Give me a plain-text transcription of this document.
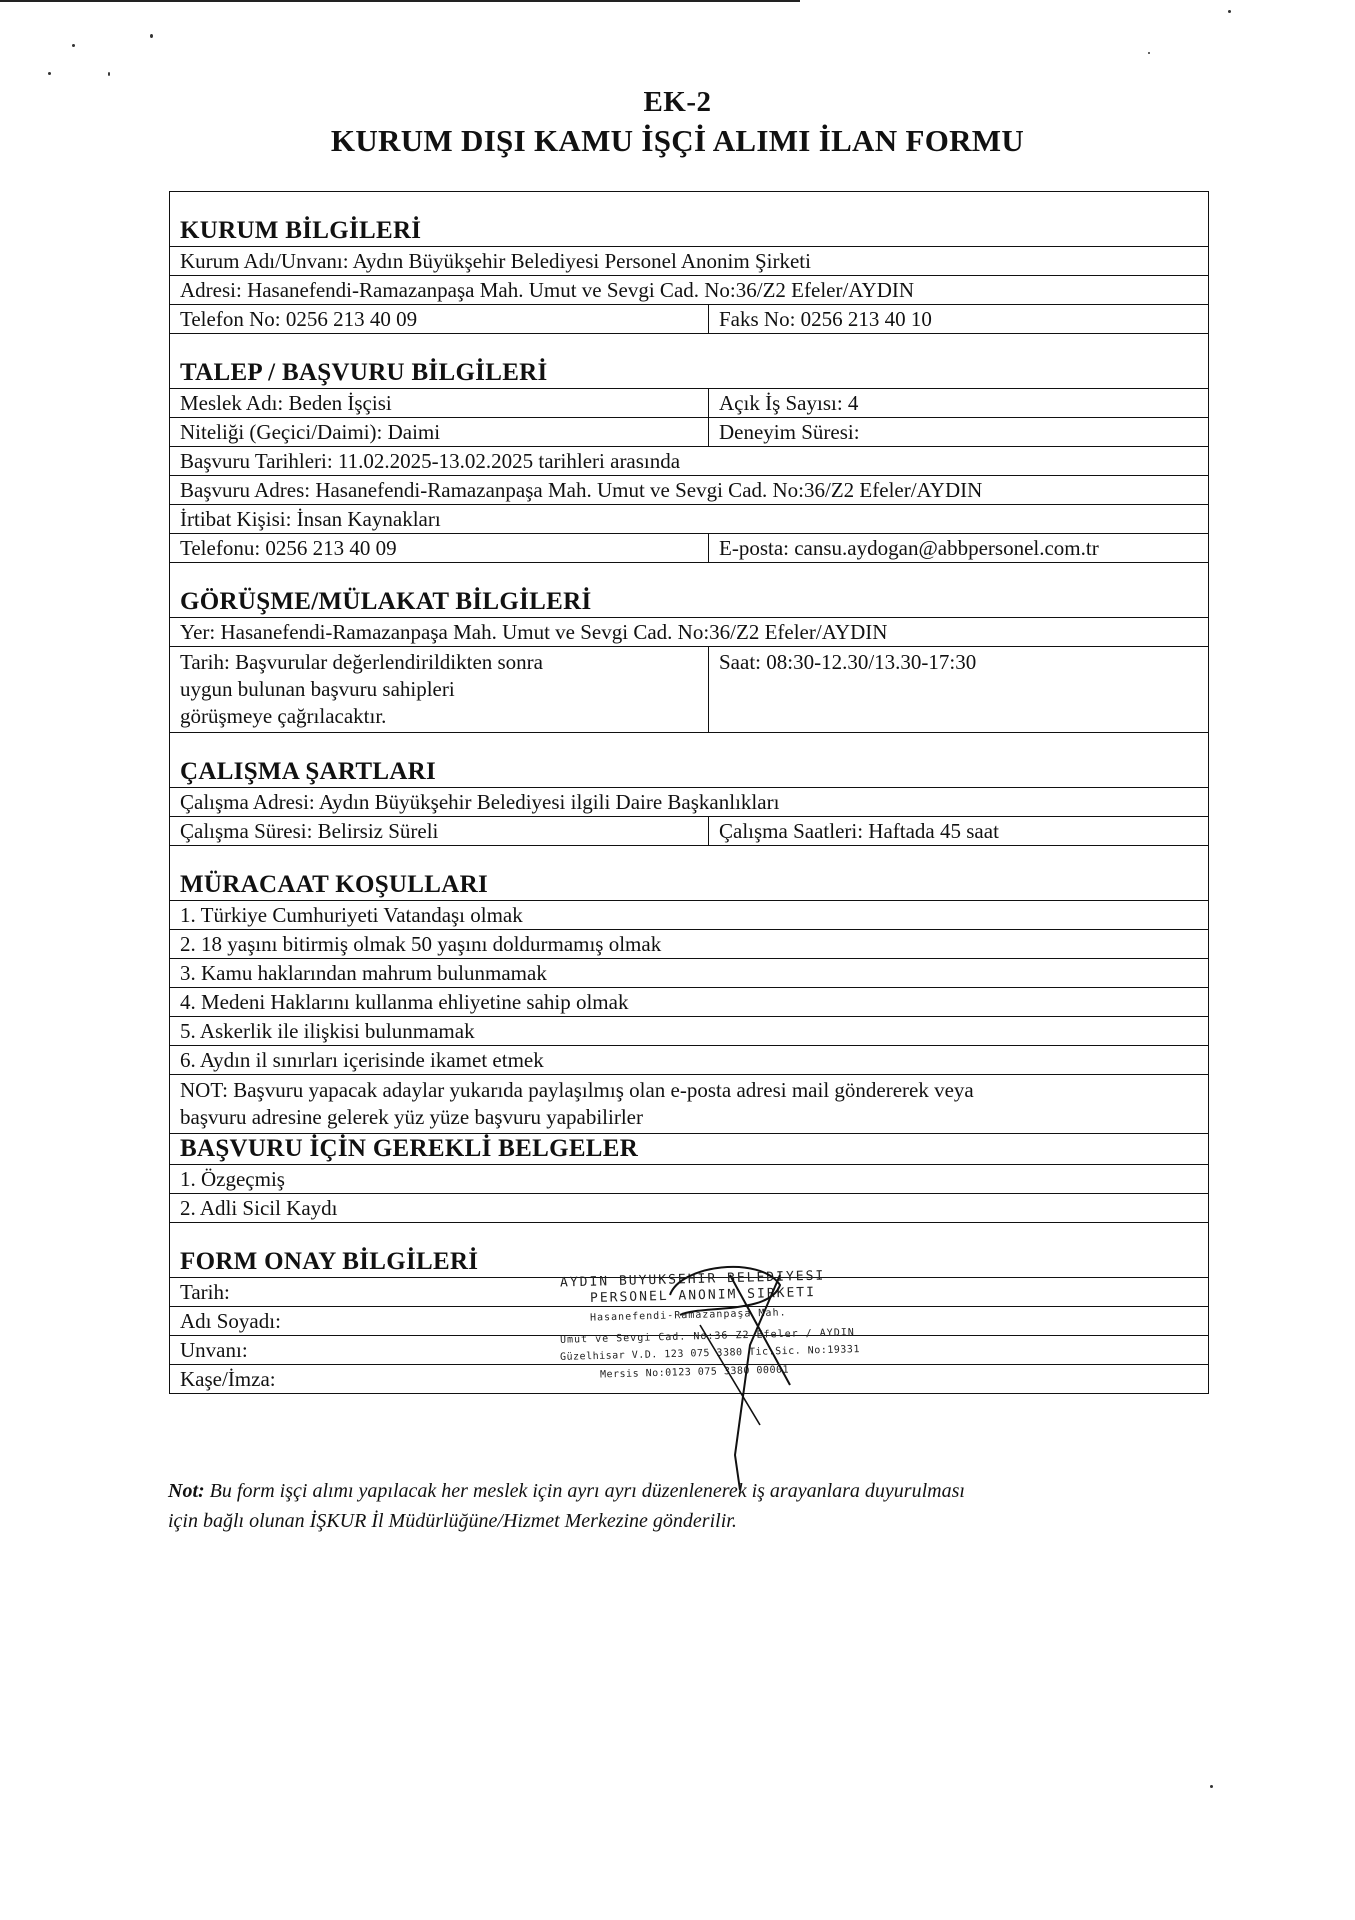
EK-2
KURUM DIŞI KAMU İŞÇİ ALIMI İLAN FORMU
KURUM BİLGİLERİ
Kurum Adı/Unvanı: Aydın Büyükşehir Belediyesi Personel Anonim Şirketi
Adresi: Hasanefendi-Ramazanpaşa Mah. Umut ve Sevgi Cad. No:36/Z2 Efeler/AYDIN
Telefon No: 0256 213 40 09	Faks No: 0256 213 40 10
TALEP / BAŞVURU BİLGİLERİ
Meslek Adı: Beden İşçisi	Açık İş Sayısı: 4
Niteliği (Geçici/Daimi): Daimi	Deneyim Süresi:
Başvuru Tarihleri: 11.02.2025-13.02.2025 tarihleri arasında
Başvuru Adres: Hasanefendi-Ramazanpaşa Mah. Umut ve Sevgi Cad. No:36/Z2 Efeler/AYDIN
İrtibat Kişisi: İnsan Kaynakları
Telefonu: 0256 213 40 09	E-posta: cansu.aydogan@abbpersonel.com.tr
GÖRÜŞME/MÜLAKAT BİLGİLERİ
Yer: Hasanefendi-Ramazanpaşa Mah. Umut ve Sevgi Cad. No:36/Z2 Efeler/AYDIN
Tarih: Başvurular değerlendirildikten sonra
uygun bulunan başvuru sahipleri
görüşmeye çağrılacaktır.
Saat: 08:30-12.30/13.30-17:30
ÇALIŞMA ŞARTLARI
Çalışma Adresi: Aydın Büyükşehir Belediyesi ilgili Daire Başkanlıkları
Çalışma Süresi: Belirsiz Süreli	Çalışma Saatleri: Haftada 45 saat
MÜRACAAT KOŞULLARI
1. Türkiye Cumhuriyeti Vatandaşı olmak
2. 18 yaşını bitirmiş olmak 50 yaşını doldurmamış olmak
3. Kamu haklarından mahrum bulunmamak
4. Medeni Haklarını kullanma ehliyetine sahip olmak
5. Askerlik ile ilişkisi bulunmamak
6. Aydın il sınırları içerisinde ikamet etmek
NOT: Başvuru yapacak adaylar yukarıda paylaşılmış olan e-posta adresi mail göndererek veya
başvuru adresine gelerek yüz yüze başvuru yapabilirler
BAŞVURU İÇİN GEREKLİ BELGELER
1. Özgeçmiş
2. Adli Sicil Kaydı
FORM ONAY BİLGİLERİ
Tarih:
Adı Soyadı:
Unvanı:
Kaşe/İmza:
AYDIN BUYUKSEHIR BELEDIYESI
PERSONEL ANONIM SIRKETI
Hasanefendi-Ramazanpaşa Mah.
Umut ve Sevgi Cad. No:36 Z2 Efeler / AYDIN
Güzelhisar V.D. 123 075 3380 Tic.Sic. No:19331
Mersis No:0123 075 3380 00001
Not: Bu form işçi alımı yapılacak her meslek için ayrı ayrı düzenlenerek iş arayanlara duyurulması
için bağlı olunan İŞKUR İl Müdürlüğüne/Hizmet Merkezine gönderilir.
